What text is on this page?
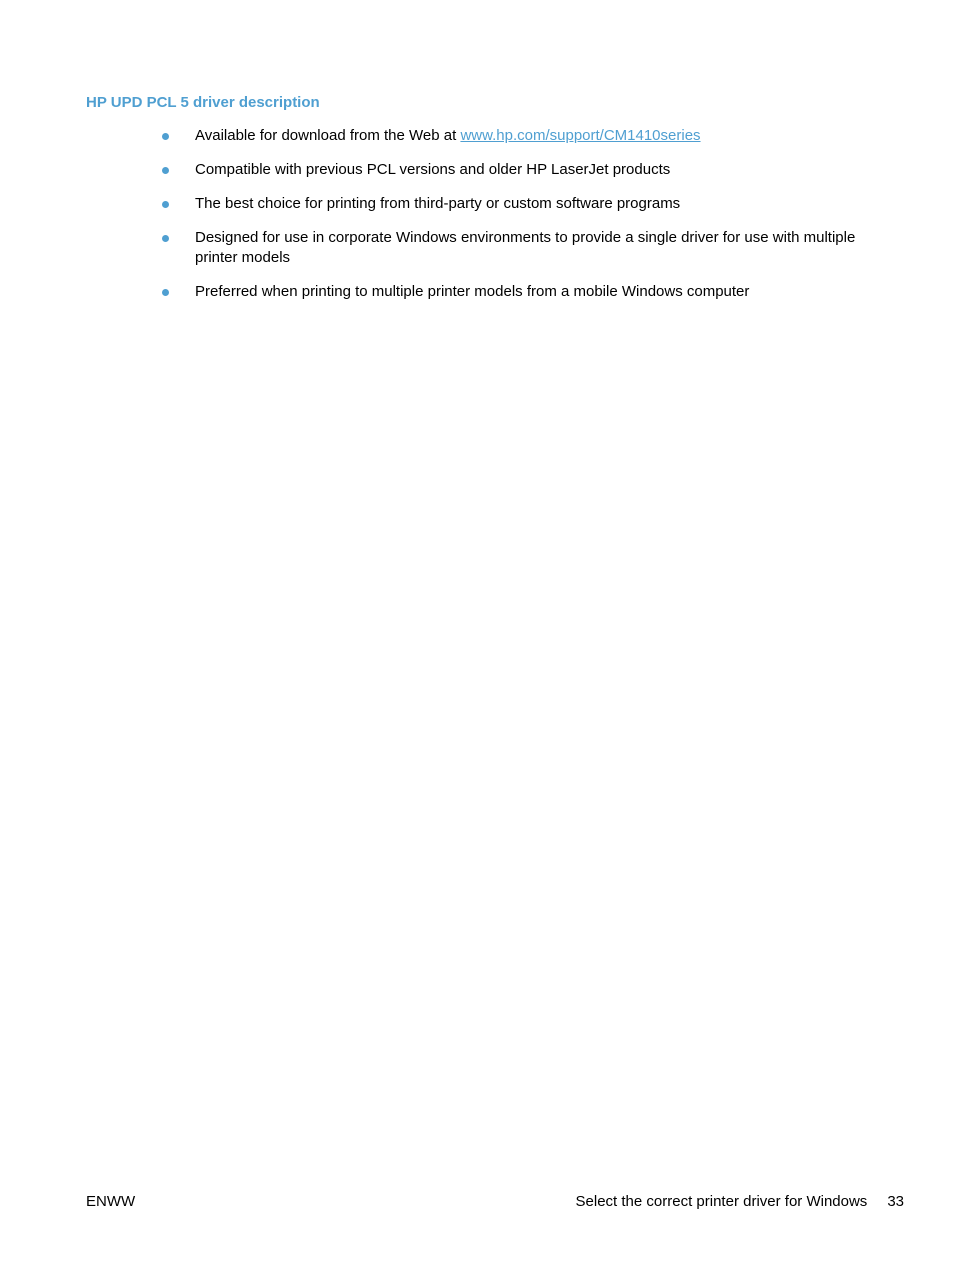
HP UPD PCL 5 driver description
Available for download from the Web at www.hp.com/support/CM1410series
Compatible with previous PCL versions and older HP LaserJet products
The best choice for printing from third-party or custom software programs
Designed for use in corporate Windows environments to provide a single driver for use with multiple printer models
Preferred when printing to multiple printer models from a mobile Windows computer
ENWW	Select the correct printer driver for Windows 33
